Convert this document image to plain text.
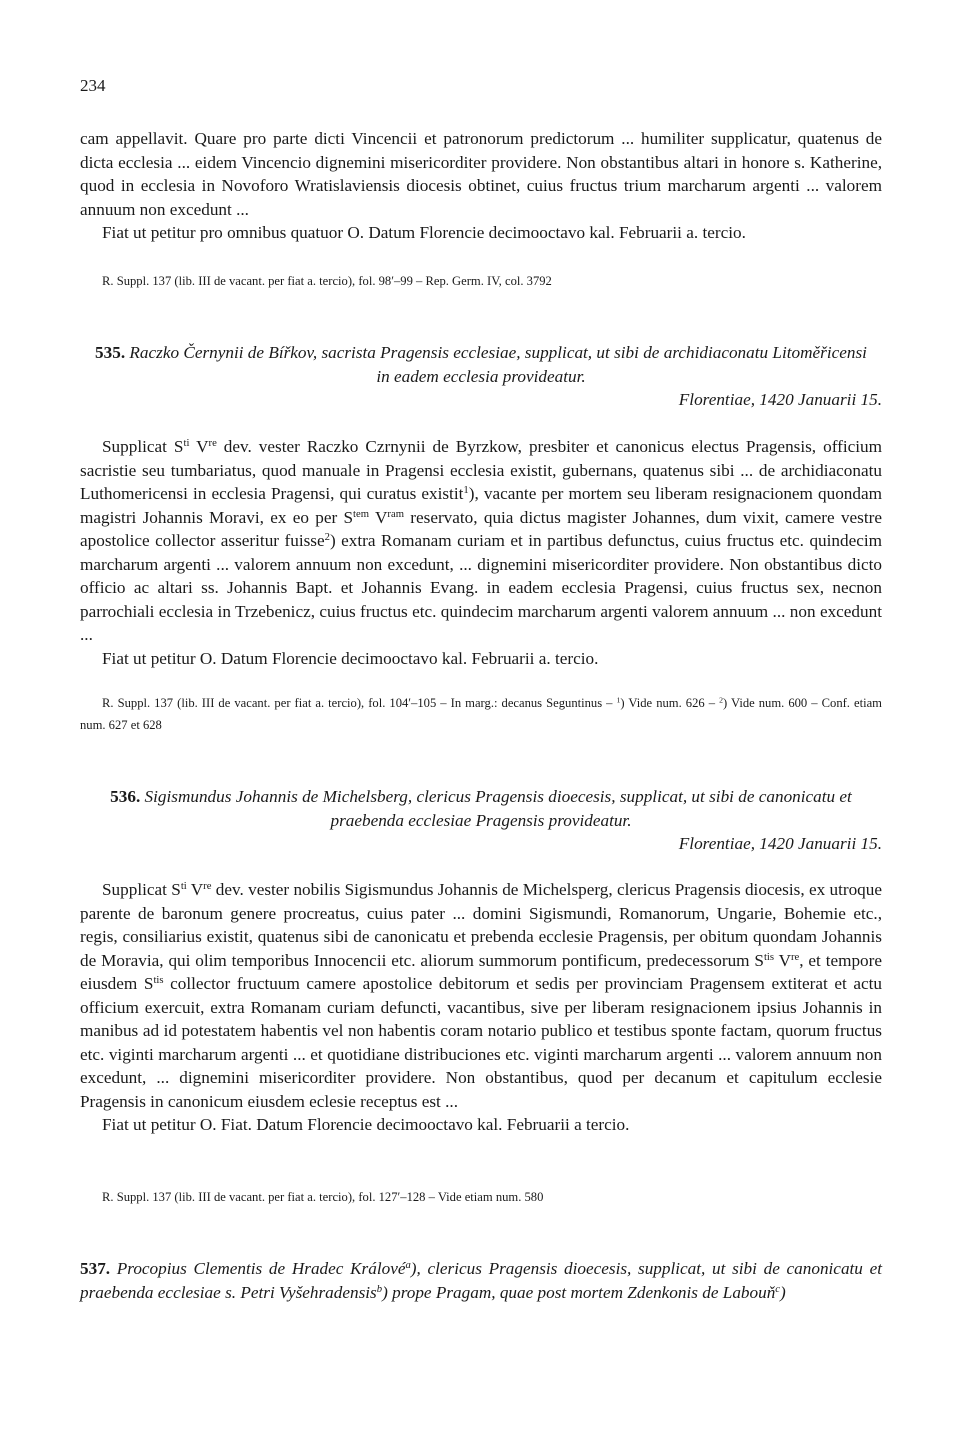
234

cam appellavit. Quare pro parte dicti Vincencii et patronorum predictorum ... humiliter supplicatur, quatenus de dicta ecclesia ... eidem Vincencio dignemini misericorditer providere. Non obstantibus altari in honore s. Katherine, quod in ecclesia in Novoforo Wratislaviensis diocesis obtinet, cuius fructus trium marcharum argenti ... valorem annuum non excedunt ...

Fiat ut petitur pro omnibus quatuor O. Datum Florencie decimooctavo kal. Februarii a. tercio.

R. Suppl. 137 (lib. III de vacant. per fiat a. tercio), fol. 98′–99 – Rep. Germ. IV, col. 3792

535. Raczko Černynii de Bířkov, sacrista Pragensis ecclesiae, supplicat, ut sibi de archidiaconatu Litoměřicensi
in eadem ecclesia provideatur.

Florentiae, 1420 Januarii 15.

Supplicat $S^{ti}$ Vre dev. vester Raczko Czrnynii de Byrzkow, presbiter et canonicus electus Pragensis, officium sacristie seu tumbariatus, quod manuale in Pragensi ecclesia existit, gubernans, quatenus sibi ... de archidiaconatu Luthomericensi in ecclesia Pragensi, qui curatus existit$^1$), vacante per mortem seu liberam resignacionem quondam magistri Johannis Moravi, ex eo per $S^{tem}$ $V^{ram}$ reservato, quia dictus magister Johannes, dum vixit, camere vestre apostolice collector asseritur fuisse$^2$) extra Romanam curiam et in partibus defunctus, cuius fructus etc. quindecim marcharum argenti ... valorem annuum non excedunt, ... dignemini misericorditer providere. Non obstantibus dicto officio ac altari ss. Johannis Bapt. et Johannis Evang. in eadem ecclesia Pragensi, cuius fructus sex, necnon parrochiali ecclesia in Trzebenicz, cuius fructus etc. quindecim marcharum argenti valorem annuum ... non excedunt ...

Fiat ut petitur O. Datum Florencie decimooctavo kal. Februarii a. tercio.

R. Suppl. 137 (lib. III de vacant. per fiat a. tercio), fol. 104′–105 – In marg.: decanus Seguntinus – $^1$) Vide num. 626 – $^2$) Vide num. 600 – Conf. etiam num. 627 et 628

536. Sigismundus Johannis de Michelsberg, clericus Pragensis dioecesis, supplicat, ut sibi de canonicatu et
praebenda ecclesiae Pragensis provideatur.

Florentiae, 1420 Januarii 15.

Supplicat $S^{ti}$ Vre dev. vester nobilis Sigismundus Johannis de Michelsperg, clericus Pragensis diocesis, ex utroque parente de baronum genere procreatus, cuius pater ... domini Sigismundi, Romanorum, Ungarie, Bohemie etc., regis, consiliarius existit, quatenus sibi de canonicatu et prebenda ecclesie Pragensis, per obitum quondam Johannis de Moravia, qui olim temporibus Innocencii etc. aliorum summorum pontificum, predecessorum $S^{tis}$ Vre, et tempore eiusdem $S^{tis}$ collector fructuum camere apostolice debitorum et sedis per provinciam Pragensem extiterat et actu officium exercuit, extra Romanam curiam defuncti, vacantibus, sive per liberam resignacionem ipsius Johannis in manibus ad id potestatem habentis vel non habentis coram notario publico et testibus sponte factam, quorum fructus etc. viginti marcharum argenti ... et quotidiane distribuciones etc. viginti marcharum argenti ... valorem annuum non excedunt, ... dignemini misericorditer providere. Non obstantibus, quod per decanum et capitulum ecclesie Pragensis in canonicum eiusdem eclesie receptus est ...

Fiat ut petitur O. Fiat. Datum Florencie decimooctavo kal. Februarii a tercio.

R. Suppl. 137 (lib. III de vacant. per fiat a. tercio), fol. 127′–128 – Vide etiam num. 580

537. Procopius Clementis de Hradec Králové$^a$), clericus Pragensis dioecesis, supplicat, ut sibi de canonicatu et praebenda ecclesiae s. Petri Vyšehradensis$^b$) prope Pragam, quae post mortem Zdenkonis de Labouň$^c$)
